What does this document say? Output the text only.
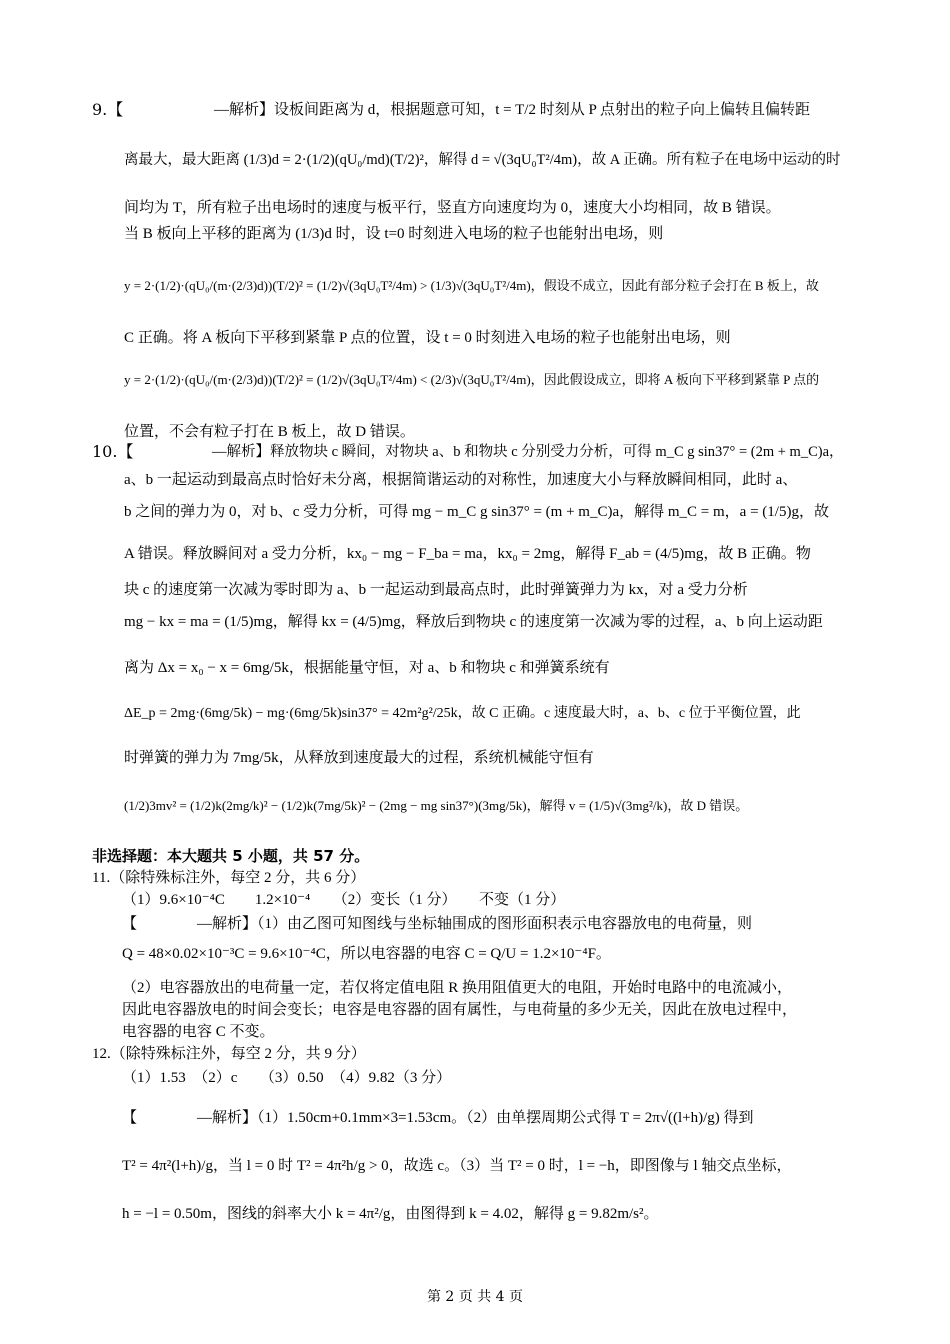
9.【	—解析】设板间距离为 d，根据题意可知，t = T/2 时刻从 P 点射出的粒子向上偏转且偏转距
离最大，最大距离 (1/3)d = 2·(1/2)(qU₀/md)(T/2)²，解得 d = √(3qU₀T²/4m)，故 A 正确。所有粒子在电场中运动的时
间均为 T，所有粒子出电场时的速度与板平行，竖直方向速度均为 0，速度大小均相同，故 B 错误。
当 B 板向上平移的距离为 (1/3)d 时，设 t=0 时刻进入电场的粒子也能射出电场，则
y = 2·(1/2)·(qU₀/(m·(2/3)d))(T/2)² = (1/2)√(3qU₀T²/4m) > (1/3)√(3qU₀T²/4m)，假设不成立，因此有部分粒子会打在 B 板上，故
C 正确。将 A 板向下平移到紧靠 P 点的位置，设 t = 0 时刻进入电场的粒子也能射出电场，则
y = 2·(1/2)·(qU₀/(m·(2/3)d))(T/2)² = (1/2)√(3qU₀T²/4m) < (2/3)√(3qU₀T²/4m)，因此假设成立，即将 A 板向下平移到紧靠 P 点的
位置，不会有粒子打在 B 板上，故 D 错误。
10.【	—解析】释放物块 c 瞬间，对物块 a、b 和物块 c 分别受力分析，可得 m_C g sin37° = (2m + m_C)a，
a、b 一起运动到最高点时恰好未分离，根据简谐运动的对称性，加速度大小与释放瞬间相同，此时 a、
b 之间的弹力为 0，对 b、c 受力分析，可得 mg − m_C g sin37° = (m + m_C)a，解得 m_C = m，a = (1/5)g，故
A 错误。释放瞬间对 a 受力分析，kx₀ − mg − F_ba = ma，kx₀ = 2mg，解得 F_ab = (4/5)mg，故 B 正确。物
块 c 的速度第一次减为零时即为 a、b 一起运动到最高点时，此时弹簧弹力为 kx，对 a 受力分析
mg − kx = ma = (1/5)mg，解得 kx = (4/5)mg，释放后到物块 c 的速度第一次减为零的过程，a、b 向上运动距
离为 Δx = x₀ − x = 6mg/5k，根据能量守恒，对 a、b 和物块 c 和弹簧系统有
ΔE_p = 2mg·(6mg/5k) − mg·(6mg/5k)sin37° = 42m²g²/25k，故 C 正确。c 速度最大时，a、b、c 位于平衡位置，此
时弹簧的弹力为 7mg/5k，从释放到速度最大的过程，系统机械能守恒有
(1/2)3mv² = (1/2)k(2mg/k)² − (1/2)k(7mg/5k)² − (2mg − mg sin37°)(3mg/5k)，解得 v = (1/5)√(3mg²/k)，故 D 错误。
非选择题：本大题共 5 小题，共 57 分。
11.（除特殊标注外，每空 2 分，共 6 分）
（1）9.6×10⁻⁴C　　1.2×10⁻⁴　　（2）变长（1 分）　　不变（1 分）
【　　　　—解析】（1）由乙图可知图线与坐标轴围成的图形面积表示电容器放电的电荷量，则
Q = 48×0.02×10⁻³C = 9.6×10⁻⁴C，所以电容器的电容 C = Q/U = 1.2×10⁻⁴F。
（2）电容器放出的电荷量一定，若仅将定值电阻 R 换用阻值更大的电阻，开始时电路中的电流减小，
因此电容器放电的时间会变长；电容是电容器的固有属性，与电荷量的多少无关，因此在放电过程中，
电容器的电容 C 不变。
12.（除特殊标注外，每空 2 分，共 9 分）
（1）1.53　（2）c　　（3）0.50　（4）9.82（3 分）
【　　　　—解析】（1）1.50cm+0.1mm×3=1.53cm。（2）由单摆周期公式得 T = 2π√((l+h)/g) 得到
T² = 4π²(l+h)/g，当 l = 0 时 T² = 4π²h/g > 0，故选 c。（3）当 T² = 0 时，l = −h，即图像与 l 轴交点坐标，
h = −l = 0.50m，图线的斜率大小 k = 4π²/g，由图得到 k = 4.02，解得 g = 9.82m/s²。
第 2 页 共 4 页
